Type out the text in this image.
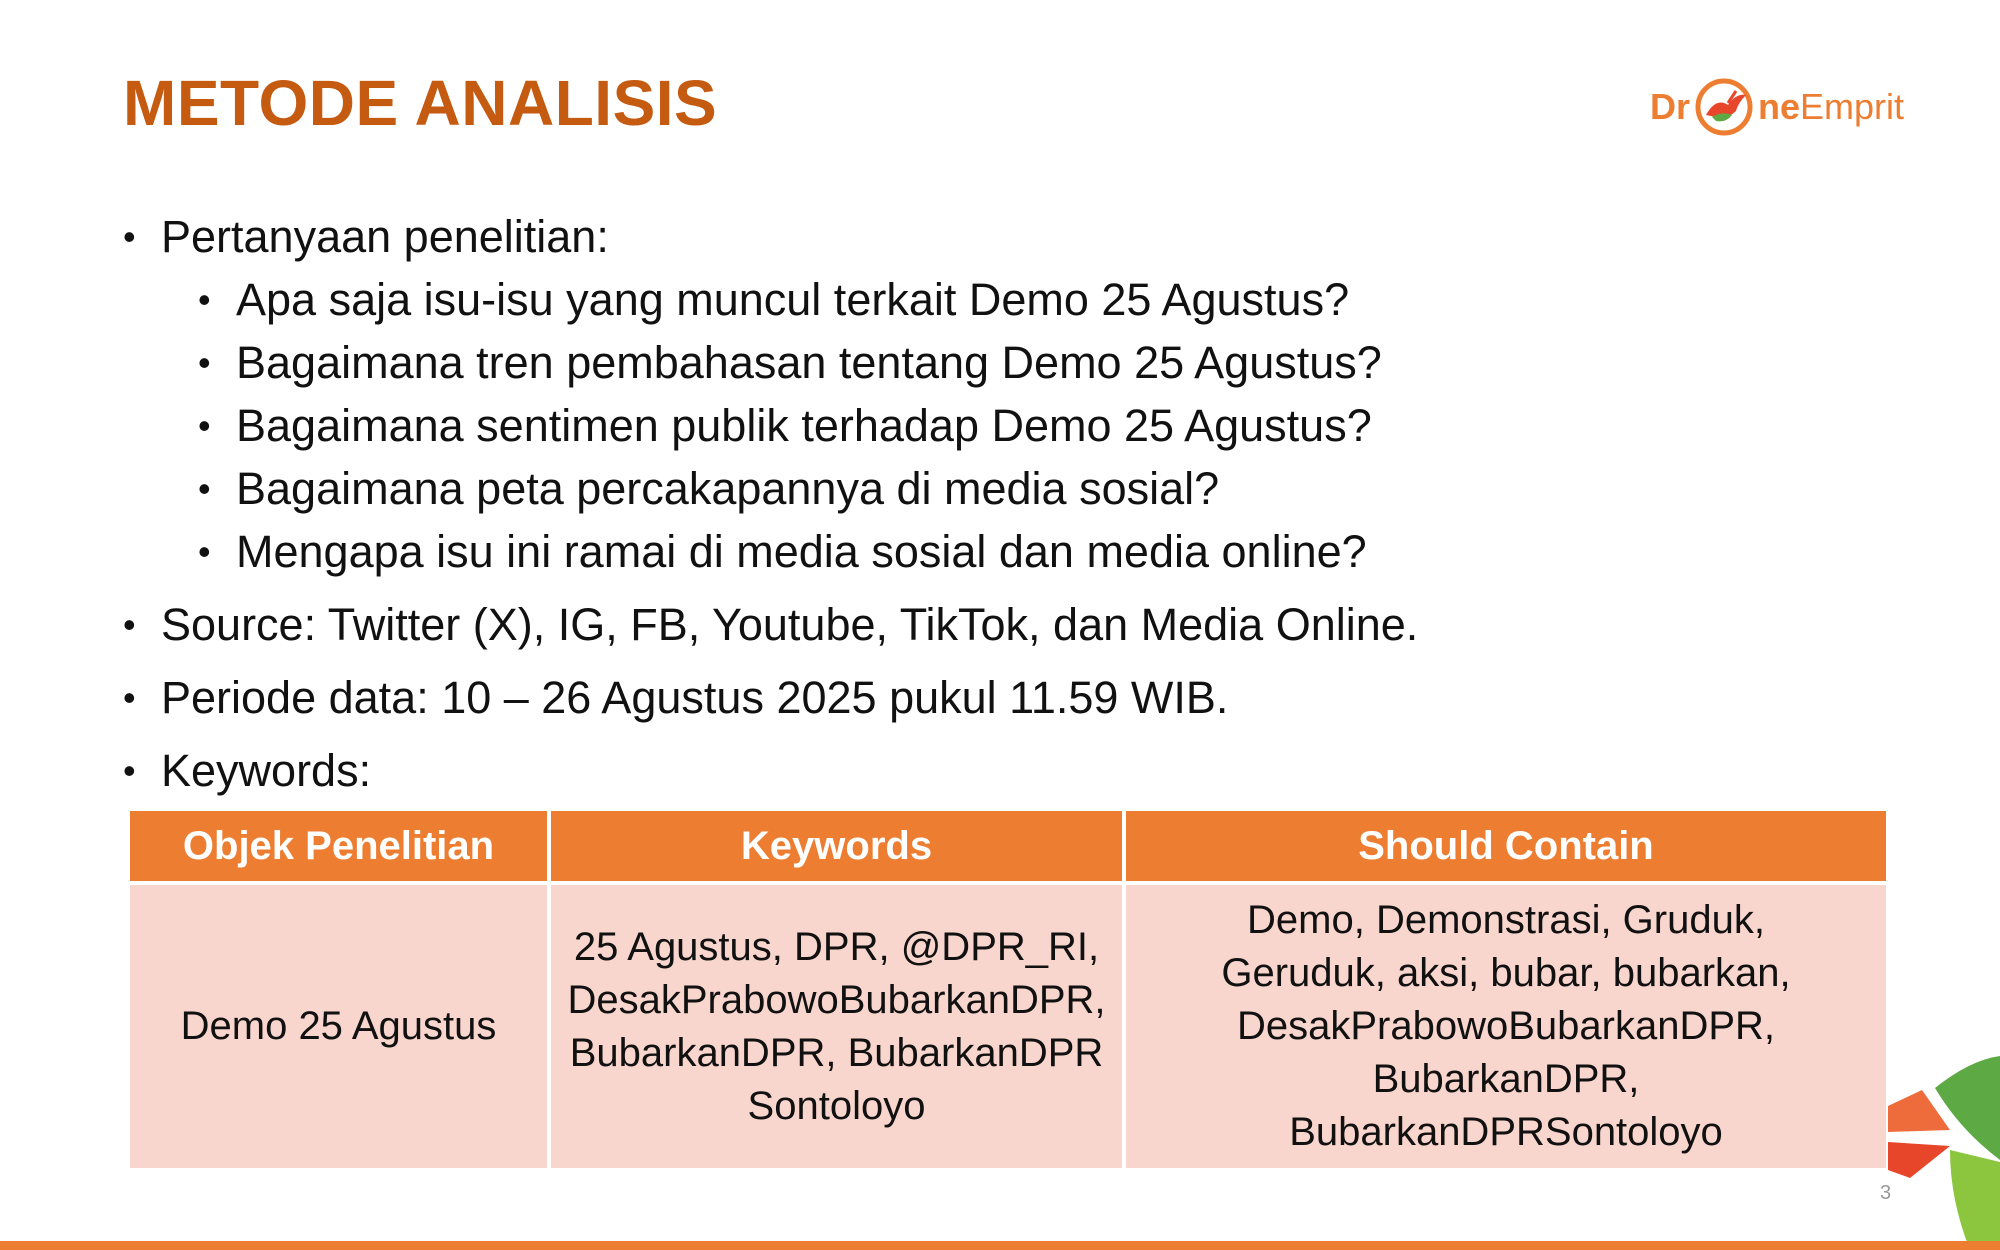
METODE ANALISIS	Dr ne Emprit
• Pertanyaan penelitian:
• Apa saja isu-isu yang muncul terkait Demo 25 Agustus?
• Bagaimana tren pembahasan tentang Demo 25 Agustus?
• Bagaimana sentimen publik terhadap Demo 25 Agustus?
• Bagaimana peta percakapannya di media sosial?
• Mengapa isu ini ramai di media sosial dan media online?
• Source: Twitter (X), IG, FB, Youtube, TikTok, dan Media Online.
• Periode data: 10 – 26 Agustus 2025 pukul 11.59 WIB.
• Keywords:
Objek Penelitian	Keywords	Should Contain
Demo 25 Agustus	25 Agustus, DPR, @DPR_RI, DesakPrabowoBubarkanDPR, BubarkanDPR, BubarkanDPRSontoloyo	Demo, Demonstrasi, Gruduk, Geruduk, aksi, bubar, bubarkan, DesakPrabowoBubarkanDPR, BubarkanDPR, BubarkanDPRSontoloyo
3
